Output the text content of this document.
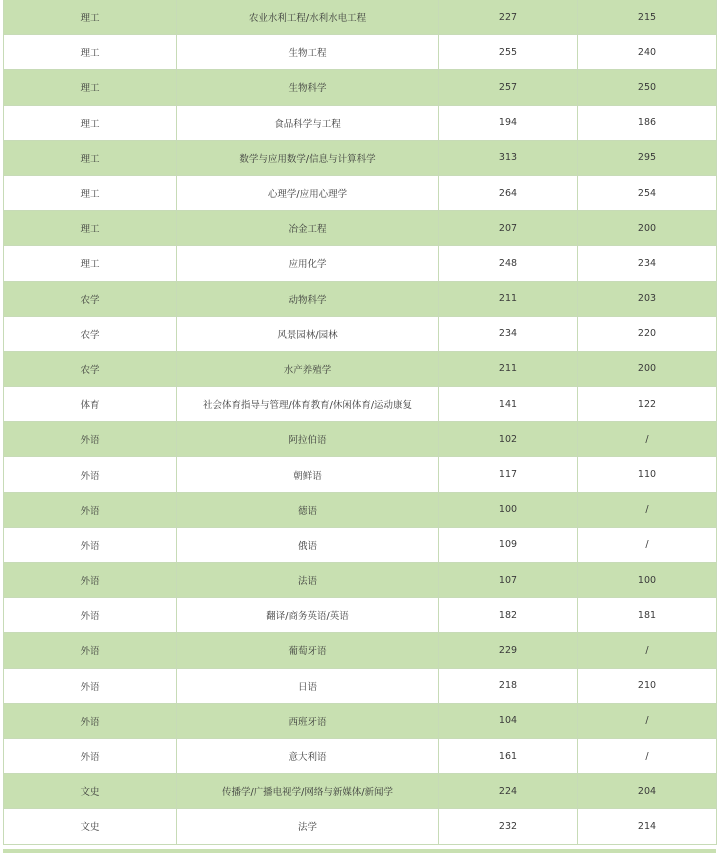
理工	农业水利工程/水利水电工程	227	215
理工	生物工程	255	240
理工	生物科学	257	250
理工	食品科学与工程	194	186
理工	数学与应用数学/信息与计算科学	313	295
理工	心理学/应用心理学	264	254
理工	冶金工程	207	200
理工	应用化学	248	234
农学	动物科学	211	203
农学	风景园林/园林	234	220
农学	水产养殖学	211	200
体育	社会体育指导与管理/体育教育/休闲体育/运动康复	141	122
外语	阿拉伯语	102	/
外语	朝鲜语	117	110
外语	德语	100	/
外语	俄语	109	/
外语	法语	107	100
外语	翻译/商务英语/英语	182	181
外语	葡萄牙语	229	/
外语	日语	218	210
外语	西班牙语	104	/
外语	意大利语	161	/
文史	传播学/广播电视学/网络与新媒体/新闻学	224	204
文史	法学	232	214
